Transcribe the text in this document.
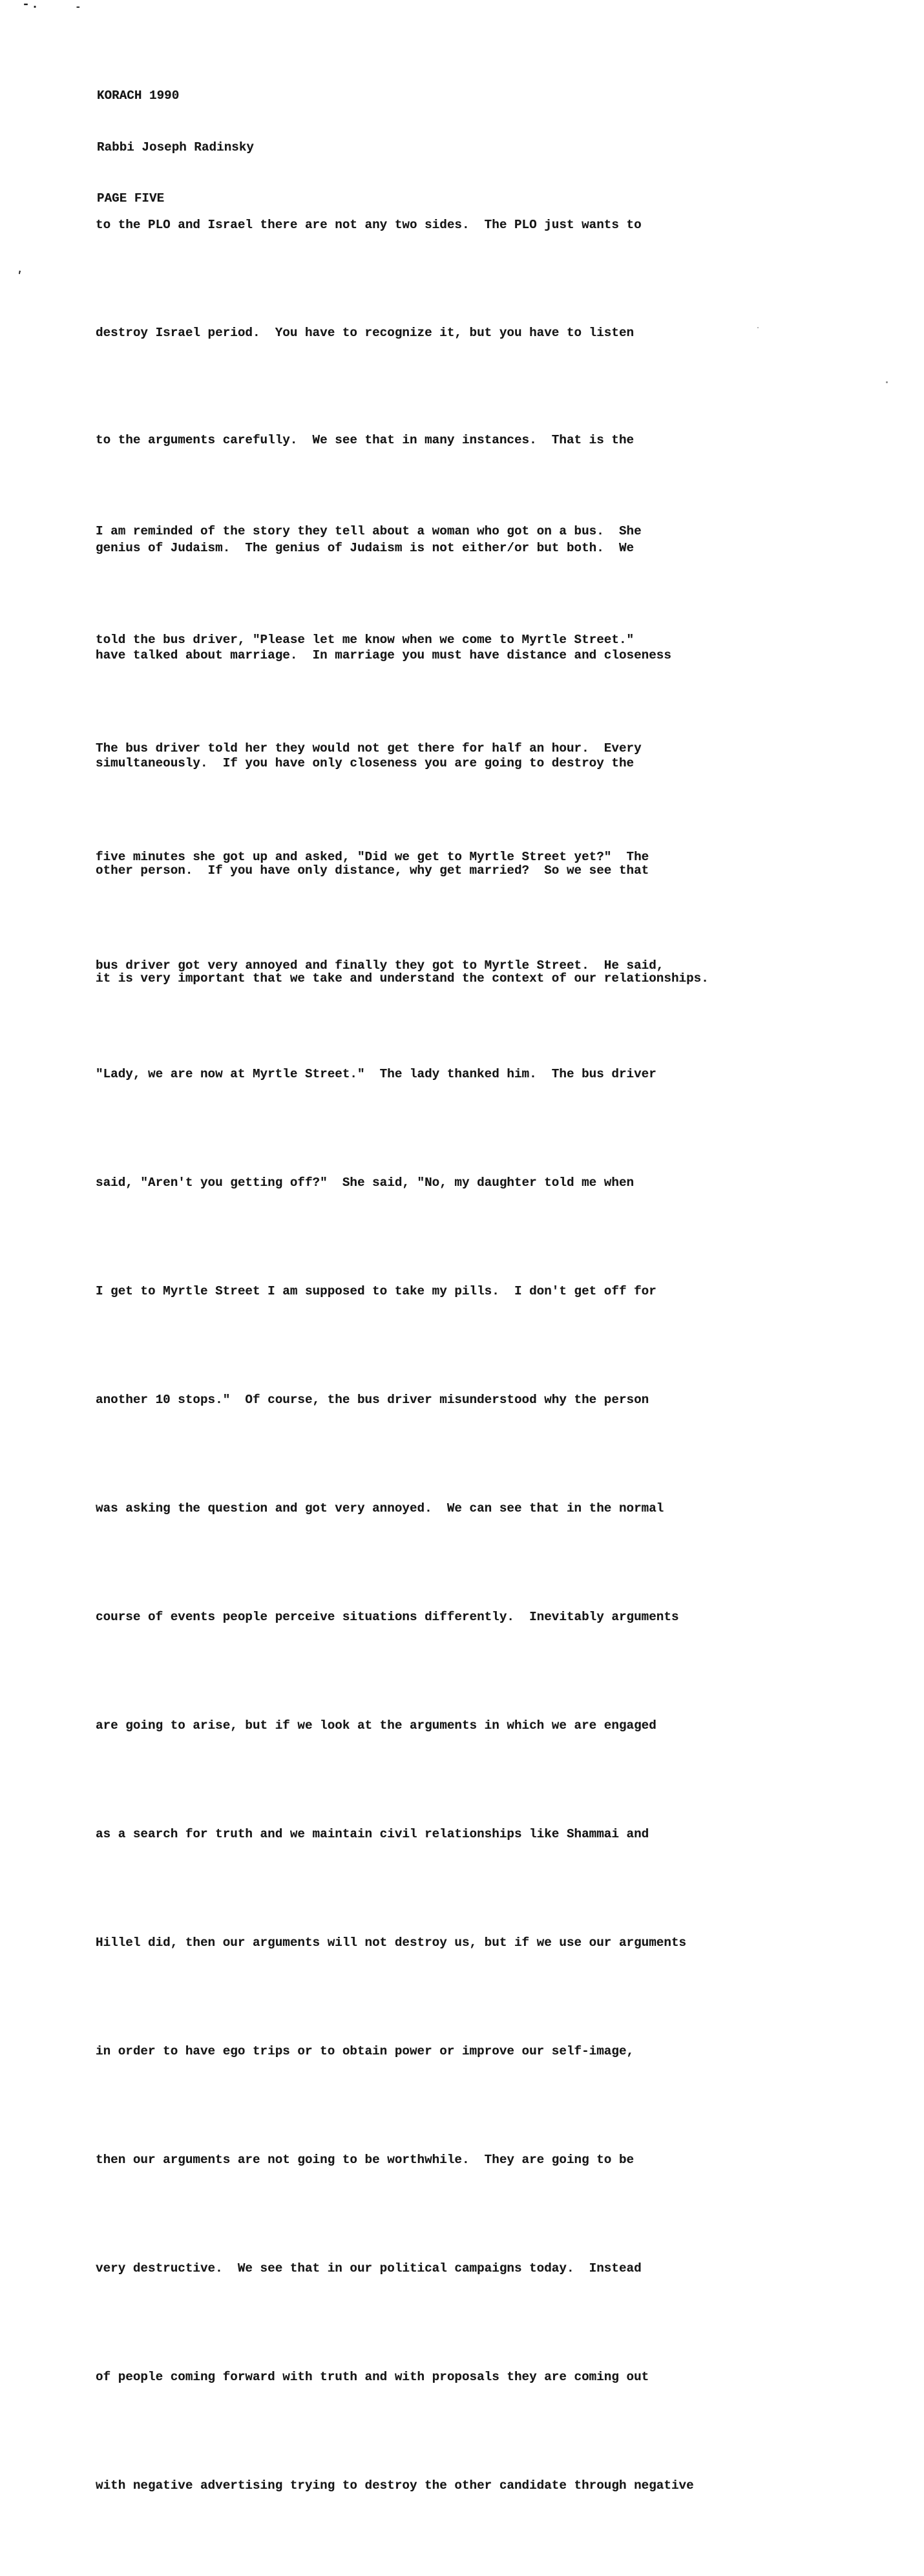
-.	-
'

KORACH 1990

Rabbi Joseph Radinsky

PAGE FIVE

to the PLO and Israel there are not any two sides.  The PLO just wants to

destroy Israel period.  You have to recognize it, but you have to listen

to the arguments carefully.  We see that in many instances.  That is the

genius of Judaism.  The genius of Judaism is not either/or but both.  We

have talked about marriage.  In marriage you must have distance and closeness

simultaneously.  If you have only closeness you are going to destroy the

other person.  If you have only distance, why get married?  So we see that

it is very important that we take and understand the context of our relationships.

I am reminded of the story they tell about a woman who got on a bus.  She

told the bus driver, "Please let me know when we come to Myrtle Street."

The bus driver told her they would not get there for half an hour.  Every

five minutes she got up and asked, "Did we get to Myrtle Street yet?"  The

bus driver got very annoyed and finally they got to Myrtle Street.  He said,

"Lady, we are now at Myrtle Street."  The lady thanked him.  The bus driver

said, "Aren't you getting off?"  She said, "No, my daughter told me when

I get to Myrtle Street I am supposed to take my pills.  I don't get off for

another 10 stops."  Of course, the bus driver misunderstood why the person

was asking the question and got very annoyed.  We can see that in the normal

course of events people perceive situations differently.  Inevitably arguments

are going to arise, but if we look at the arguments in which we are engaged

as a search for truth and we maintain civil relationships like Shammai and

Hillel did, then our arguments will not destroy us, but if we use our arguments

in order to have ego trips or to obtain power or improve our self-image,

then our arguments are not going to be worthwhile.  They are going to be

very destructive.  We see that in our political campaigns today.  Instead

of people coming forward with truth and with proposals they are coming out

with negative advertising trying to destroy the other candidate through negative
